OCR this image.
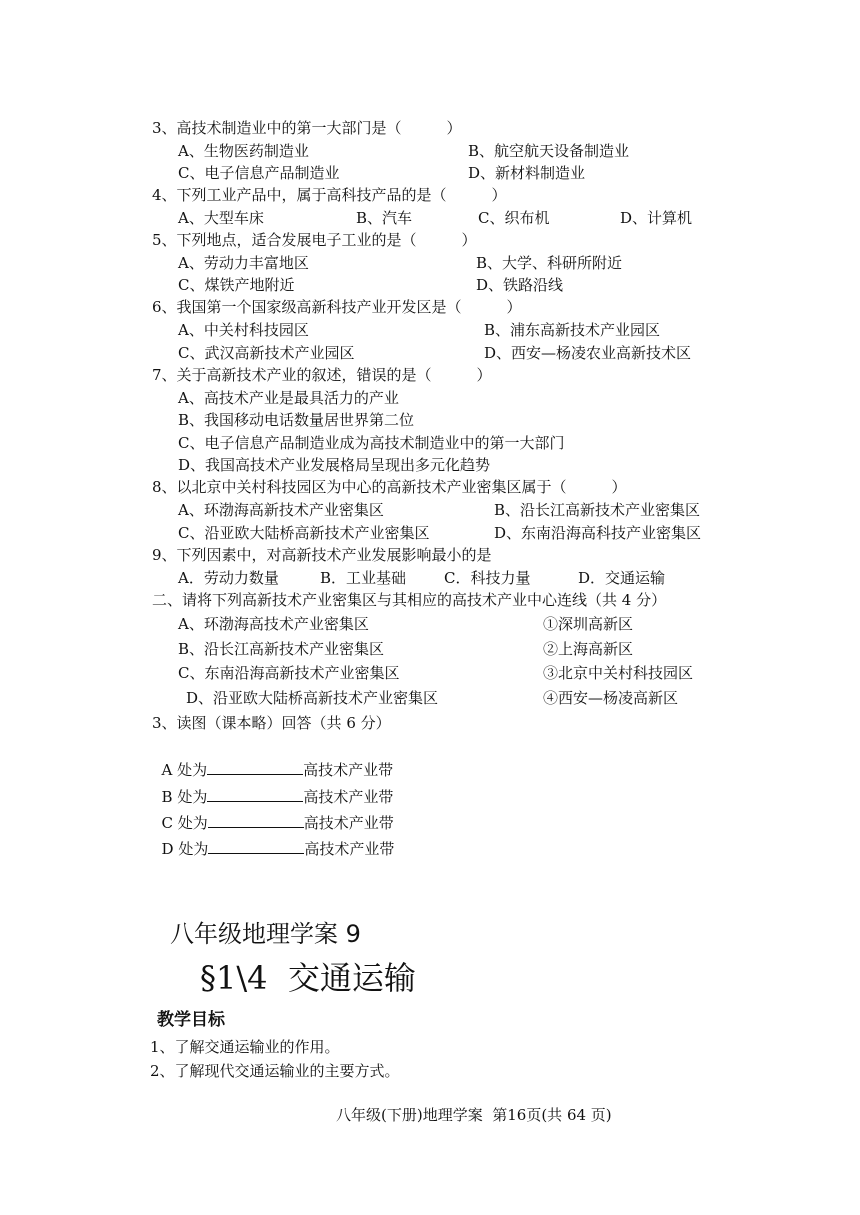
3、高技术制造业中的第一大部门是（　　　）
A、生物医药制造业	B、航空航天设备制造业
C、电子信息产品制造业	D、新材料制造业
4、下列工业产品中，属于高科技产品的是（　　　）
A、大型车床	B、汽车	C、织布机	D、计算机
5、下列地点，适合发展电子工业的是（　　　）
A、劳动力丰富地区	B、大学、科研所附近
C、煤铁产地附近	D、铁路沿线
6、我国第一个国家级高新科技产业开发区是（　　　）
A、中关村科技园区	B、浦东高新技术产业园区
C、武汉高新技术产业园区	D、西安—杨凌农业高新技术区
7、关于高新技术产业的叙述，错误的是（　　　）
A、高技术产业是最具活力的产业
B、我国移动电话数量居世界第二位
C、电子信息产品制造业成为高技术制造业中的第一大部门
D、我国高技术产业发展格局呈现出多元化趋势
8、以北京中关村科技园区为中心的高新技术产业密集区属于（　　　）
A、环渤海高新技术产业密集区	B、沿长江高新技术产业密集区
C、沿亚欧大陆桥高新技术产业密集区	D、东南沿海高科技产业密集区
9、下列因素中，对高新技术产业发展影响最小的是
A．劳动力数量	B．工业基础	C．科技力量	D．交通运输
二、请将下列高新技术产业密集区与其相应的高技术产业中心连线（共 4 分）
A、环渤海高技术产业密集区	①深圳高新区
B、沿长江高新技术产业密集区	②上海高新区
C、东南沿海高新技术产业密集区	③北京中关村科技园区
D、沿亚欧大陆桥高新技术产业密集区	④西安—杨凌高新区
3、读图（课本略）回答（共 6 分）

A 处为	高技术产业带

B 处为	高技术产业带

C 处为	高技术产业带

D 处为	高技术产业带

八年级地理学案 9
§1\4  交通运输
教学目标
1、了解交通运输业的作用。
2、了解现代交通运输业的主要方式。
八年级(下册)地理学案  第16页(共 64 页)
